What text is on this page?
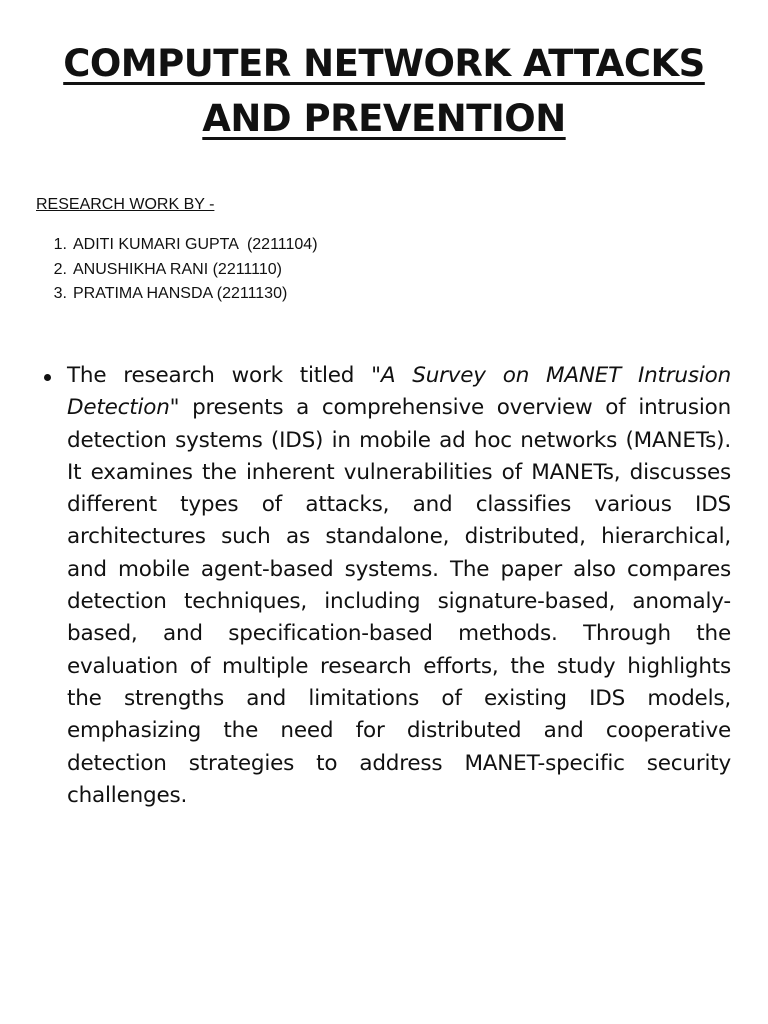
COMPUTER NETWORK ATTACKS
AND PREVENTION

RESEARCH WORK BY -

1. ADITI KUMARI GUPTA  (2211104)
2. ANUSHIKHA RANI (2211110)
3. PRATIMA HANSDA (2211130)

The research work titled "A Survey on MANET Intrusion Detection" presents a comprehensive overview of intrusion detection systems (IDS) in mobile ad hoc networks (MANETs). It examines the inherent vulnerabilities of MANETs, discusses different types of attacks, and classifies various IDS architectures such as standalone, distributed, hierarchical, and mobile agent-based systems. The paper also compares detection techniques, including signature-based, anomaly-based, and specification-based methods. Through the evaluation of multiple research efforts, the study highlights the strengths and limitations of existing IDS models, emphasizing the need for distributed and cooperative detection strategies to address MANET-specific security challenges.
